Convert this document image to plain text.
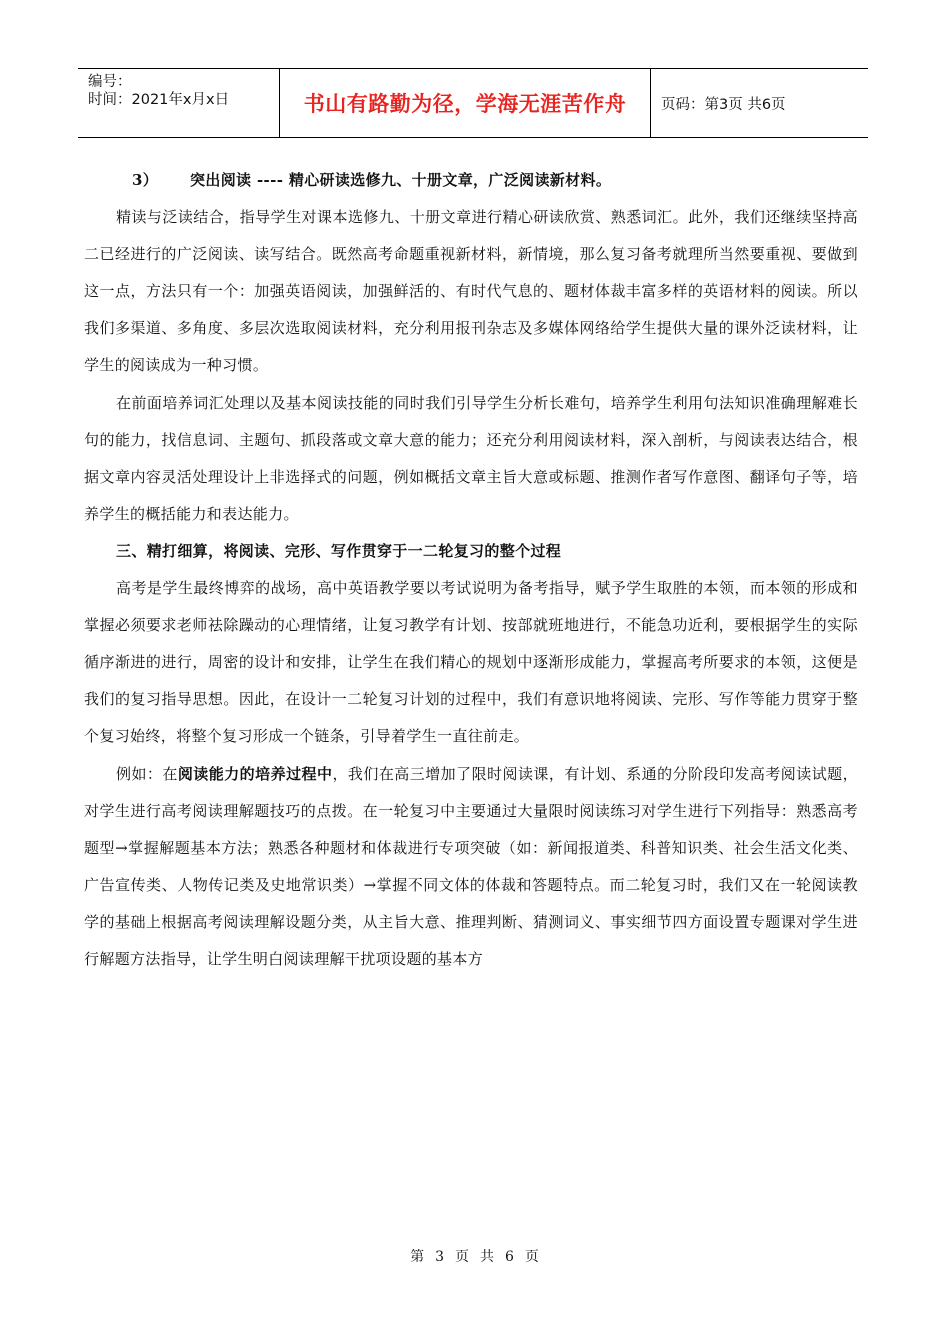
编号：
时间：2021年x月x日	书山有路勤为径，学海无涯苦作舟 页码：第3页 共6页

3） 突出阅读 ---- 精心研读选修九、十册文章，广泛阅读新材料。

精读与泛读结合，指导学生对课本选修九、十册文章进行精心研读欣赏、熟悉词汇。此外，我们还继续坚持高二已经进行的广泛阅读、读写结合。既然高考命题重视新材料，新情境，那么复习备考就理所当然要重视、要做到这一点，方法只有一个：加强英语阅读，加强鲜活的、有时代气息的、题材体裁丰富多样的英语材料的阅读。所以我们多渠道、多角度、多层次选取阅读材料，充分利用报刊杂志及多媒体网络给学生提供大量的课外泛读材料，让学生的阅读成为一种习惯。

在前面培养词汇处理以及基本阅读技能的同时我们引导学生分析长难句，培养学生利用句法知识准确理解难长句的能力，找信息词、主题句、抓段落或文章大意的能力；还充分利用阅读材料，深入剖析，与阅读表达结合，根据文章内容灵活处理设计上非选择式的问题，例如概括文章主旨大意或标题、推测作者写作意图、翻译句子等，培养学生的概括能力和表达能力。

三、精打细算，将阅读、完形、写作贯穿于一二轮复习的整个过程

高考是学生最终博弈的战场，高中英语教学要以考试说明为备考指导，赋予学生取胜的本领，而本领的形成和掌握必须要求老师祛除躁动的心理情绪，让复习教学有计划、按部就班地进行，不能急功近利，要根据学生的实际循序渐进的进行，周密的设计和安排，让学生在我们精心的规划中逐渐形成能力，掌握高考所要求的本领，这便是我们的复习指导思想。因此，在设计一二轮复习计划的过程中，我们有意识地将阅读、完形、写作等能力贯穿于整个复习始终，将整个复习形成一个链条，引导着学生一直往前走。

例如：在阅读能力的培养过程中，我们在高三增加了限时阅读课，有计划、系通的分阶段印发高考阅读试题，对学生进行高考阅读理解题技巧的点拨。在一轮复习中主要通过大量限时阅读练习对学生进行下列指导：熟悉高考题型→掌握解题基本方法；熟悉各种题材和体裁进行专项突破（如：新闻报道类、科普知识类、社会生活文化类、广告宣传类、人物传记类及史地常识类）→掌握不同文体的体裁和答题特点。而二轮复习时，我们又在一轮阅读教学的基础上根据高考阅读理解设题分类，从主旨大意、推理判断、猜测词义、事实细节四方面设置专题课对学生进行解题方法指导，让学生明白阅读理解干扰项设题的基本方

第 3 页 共 6 页
